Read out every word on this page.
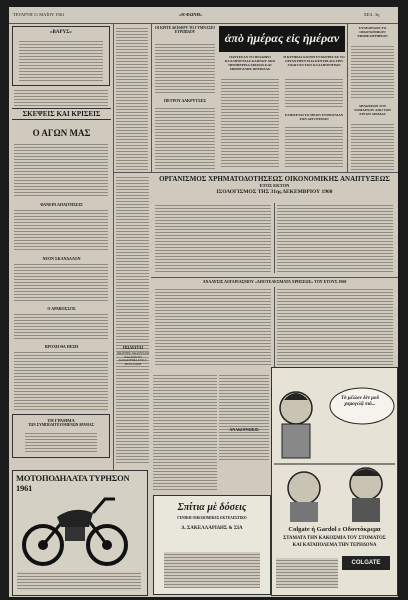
ΤΕΤΑΡΤΗ 11 ΜΑΪΟΥ 1961	«Η ΦΩΝΗ»	ΣΕΛ. 3η
«ΒΑΡΥΣ»
ΣΚΕΨΕΙΣ ΚΑΙ ΚΡΙΣΕΙΣ
Ο ΑΓΩΝ ΜΑΣ
ΦΑΝΕΡΑ ΑΠΑΙΤΗΣΕΙΣ
ΝΕΟΝ ΣΚΑΝΔΑΛΟΝ
Ο ΑΡΑΒΟΣΣΟΣ
ΒΡΟΧΗ ΘΑ ΠΕΣΗ
ΤΗ ΓΡΑΜΜΑ
ΤΩΝ ΣΥΜΠΟΛΙΤΕΥΟΜΕΝΩΝ ΔΡΑΜΑΣ
ΜΟΤΟΠΟΔΗΛΑΤΑ ΤΥΡΗΣΟΝ 1961
ΟΙ ΚΡΙΤΕ ΔΕΙΑΦΡΥ ΤΟ ΓΥΜΝΑΣΙΟ ΕΥΡΙΠΙΔΟΥ
ΠΕΤΡΟΥ ΔΑΚΡΥΤΣΕΣ
ἀπὸ ἡμέρας εἰς ἡμέραν
ΠΑΤΧΕΣΑΝ ΤΟ ΦΙΛΑΘΡΟ ΚΑΛΛΙΕΡΓΕΙΑΣ ΚΑΠΝΟΥ ΑΠΟ ΠΕΡΙΦΕΡΕΙΑ ΔΡΑΜΑΣ ΚΑΙ ΜΗΟΡΓΑΝΗΣ ΠΕΡΙΟΔΑΣ
Η ΚΡΥΦΑΙΑ ΚΟΙΝΗ ΣΥΣΚΕΨΙΣ ΕΣ ΤΟ ΟΡΓΑΝΥΦΕΥΤΑΙΑ ΚΕΝΤΡΑ ΔΙΑ ΤΗΝ ΑΝΩΓΓΑΝ ΤΩΝ ΚΑΛΛΙΕΡΓΗΤΩΝ
ΕΛΠΙΖΕΤΑΙ ΤΟ ΜΕΟΝ ΕΥΜΕΟΝΙΑΝ ΤΩΝ ΑΡΓΟΤΕΡΩΝ
ΣΥΝΕΔΡΙΑΣΕ ΤΟ ΟΙΚΟΝΟΜΙΚΟΝ ΕΠΙΜΕΛΗΤΗΡΙΟΝ
ΔΗΛΩΣΕΩΝ ΤΟΥ ΝΟΜΑΡΧΟΥ ΑΠΟ ΤΩΝ ΕΡΓΩΝ ΔΡΑΜΑΣ
ΟΡΓΑΝΙΣΜΟΣ ΧΡΗΜΑΤΟΔΟΤΗΣΕΩΣ ΟΙΚΟΝΟΜΙΚΗΣ ΑΝΑΠΤΥΞΕΩΣ
ΕΤΟΣ ΕΚΤΟΝ
ΙΣΟΛΟΓΙΣΜΟΣ ΤΗΣ 31ης ΔΕΚΕΜΒΡΙΟΥ 1960
ΑΝΑΛΥΣΙΣ ΛΟΓΑΡΙΑΣΜΟΥ «ΑΠΟΤΕΛΕΣΜΑΤΑ ΧΡΗΣΕΩΣ» ΤΟΥ ΕΤΟΥΣ 1960
ΠΩΛΕΙΤΑΙ
ΠΩΛΗΤΕΣ ΠΩΛΟΥΝΤΑΙ ΚΑΙ ΑΠΟ ΤΟ ΚΑΤΑΣΤΗΜΑ ΣΥΡ. Γ. ΜΙΧΑΛΑΚΗ
ΑΝΑΚΟΙΝΩΣΙΣ
Σπίτια μὲ δόσεις
ΓΕΝΙΚΗ ΟΙΚΟΔΟΜΙΚΕΣ ΕΚΤΕΛΕΣΤΙΚΟ
Δ. ΣΑΚΕΛΛΑΡΙΔΗΣ & ΣΙΑ
Τὸ μέλλον δὲν μοῦ χαμογελᾷ πιά...
Colgate ή Gardol ε Οδοντόκρεμα
ΣΤΑΜΑΤΑ ΤΗΝ ΚΑΚΟΣΜΙΑ ΤΟΥ ΣΤΟΜΑΤΟΣ
ΚΑΙ ΚΑΤΑΠΟΛΕΜΑ ΤΗΝ ΤΕΡΗΔΟΝΑ
COLGATE
